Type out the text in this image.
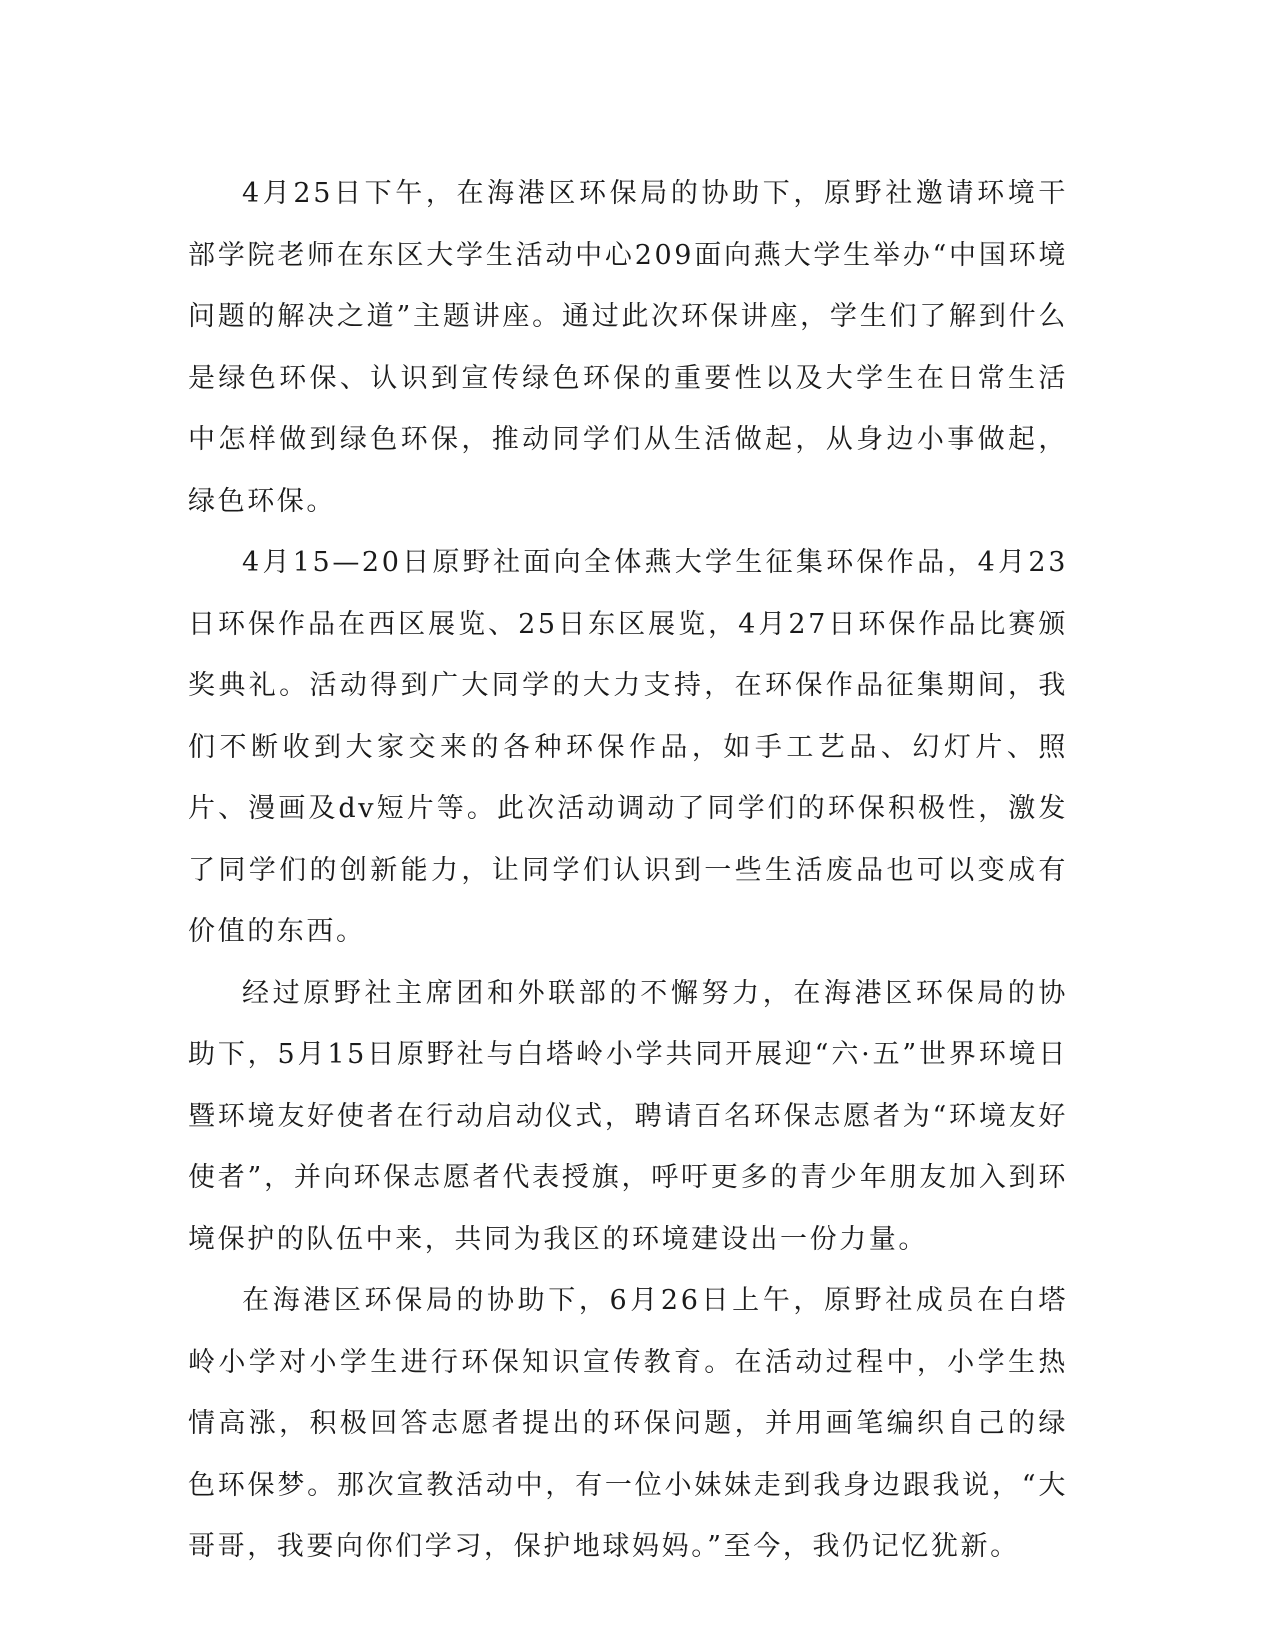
4月25日下午，在海港区环保局的协助下，原野社邀请环境干部学院老师在东区大学生活动中心209面向燕大学生举办“中国环境问题的解决之道”主题讲座。通过此次环保讲座，学生们了解到什么是绿色环保、认识到宣传绿色环保的重要性以及大学生在日常生活中怎样做到绿色环保，推动同学们从生活做起，从身边小事做起，绿色环保。

4月15—20日原野社面向全体燕大学生征集环保作品，4月23日环保作品在西区展览、25日东区展览，4月27日环保作品比赛颁奖典礼。活动得到广大同学的大力支持，在环保作品征集期间，我们不断收到大家交来的各种环保作品，如手工艺品、幻灯片、照片、漫画及dv短片等。此次活动调动了同学们的环保积极性，激发了同学们的创新能力，让同学们认识到一些生活废品也可以变成有价值的东西。

经过原野社主席团和外联部的不懈努力，在海港区环保局的协助下，5月15日原野社与白塔岭小学共同开展迎“六·五”世界环境日暨环境友好使者在行动启动仪式，聘请百名环保志愿者为“环境友好使者”，并向环保志愿者代表授旗，呼吁更多的青少年朋友加入到环境保护的队伍中来，共同为我区的环境建设出一份力量。

在海港区环保局的协助下，6月26日上午，原野社成员在白塔岭小学对小学生进行环保知识宣传教育。在活动过程中，小学生热情高涨，积极回答志愿者提出的环保问题，并用画笔编织自己的绿色环保梦。那次宣教活动中，有一位小妹妹走到我身边跟我说，“大哥哥，我要向你们学习，保护地球妈妈。”至今，我仍记忆犹新。
